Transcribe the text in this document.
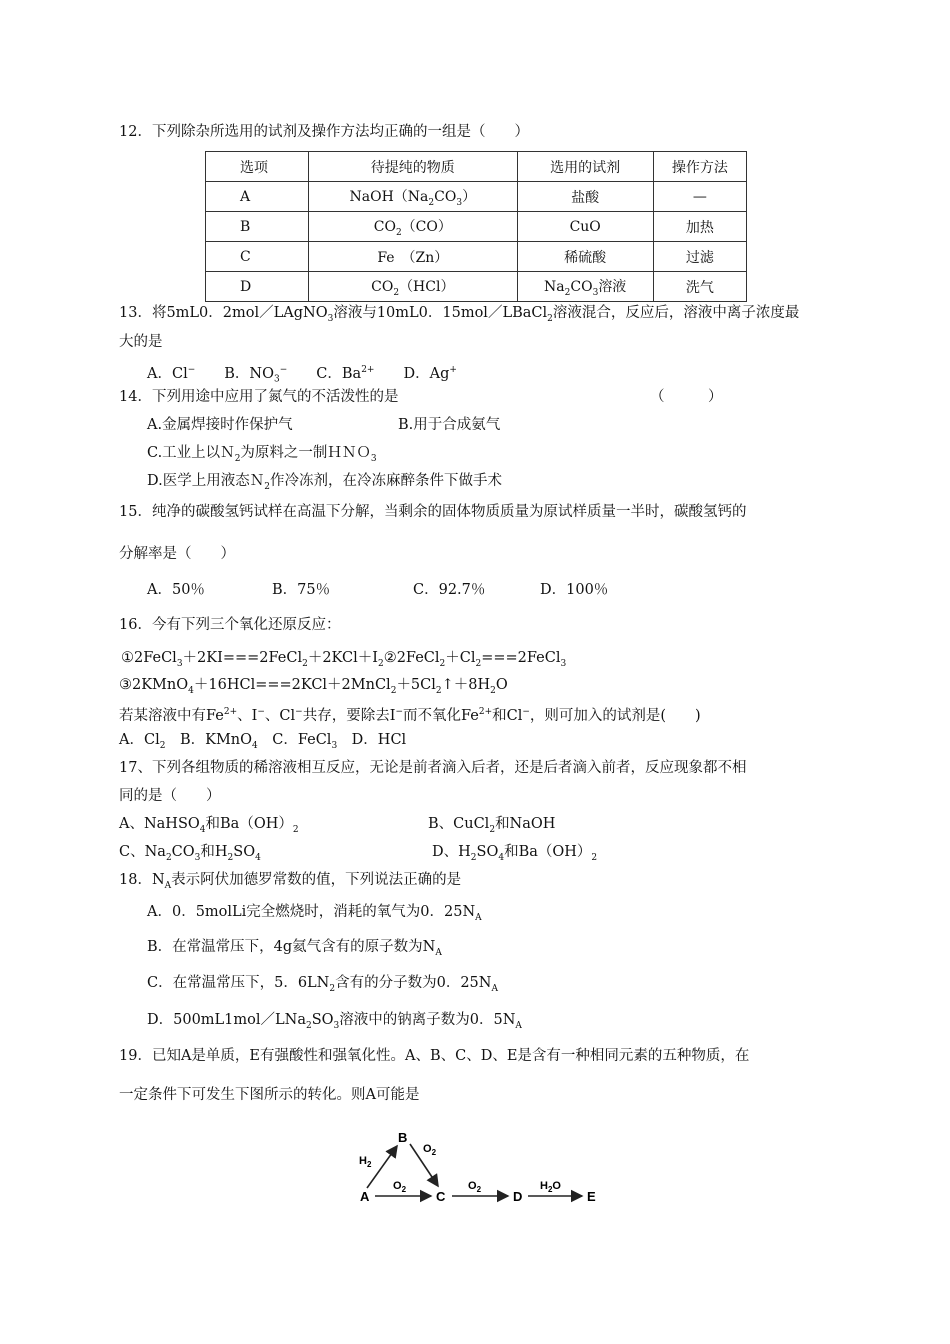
12．下列除杂所选用的试剂及操作方法均正确的一组是（　　）
选项	待提纯的物质	选用的试剂	操作方法
A	$NaOH(Na_2CO_3)$	盐酸	—
B	$CO_2(CO)$	CuO	加热
C	Fe　（Zn）	稀硫酸	过滤
D	$CO_2(HCl)$	$Na_2CO_3$溶液	洗气
13．将5mL0．2mol／LAgNO$_3$溶液与10mL0．15mol／LBaCl$_2$溶液混合，反应后，溶液中离子浓度最
大的是
A．Cl−　　B．$NO_3^-$　　C．$Ba^{2+}$　　D．Ag+
14．下列用途中应用了氮气的不活泼性的是	（　　　）
A.金属焊接时作保护气	B.用于合成氨气
C.工业上以Ｎ$_2$为原料之一制ＨＮＯ$_3$
D.医学上用液态Ｎ$_2$作冷冻剂，在冷冻麻醉条件下做手术
15．纯净的碳酸氢钙试样在高温下分解，当剩余的固体物质质量为原试样质量一半时，碳酸氢钙的
分解率是（　　）
A．50％	B．75％	C．92.7％	D．100％
16．今有下列三个氧化还原反应：
$①2FeCl_3+2KI===2FeCl_2+2KCl+I_2②2FeCl_2+Cl_2===2FeCl_3$
$③2KMnO_4+16HCl===2KCl+2MnCl_2+5Cl_2↑+8H_2O$
若某溶液中有$Fe^{2+}$、I−、Cl−共存，要除去I−而不氧化$Fe^{2+}$和Cl−，则可加入的试剂是(　　)
A．$Cl_2$　B．KMnO$_4$　C．FeCl$_3$　D．HCl
17、下列各组物质的稀溶液相互反应，无论是前者滴入后者，还是后者滴入前者，反应现象都不相
同的是（　　）
A、NaHSO$_4$和$Ba(OH)_2$	B、CuCl$_2$和NaOH
C、$Na_2CO_3$和$H_2SO_4$	D、$H_2SO_4$和$Ba(OH)_2$
18．$N_A$表示阿伏加德罗常数的值，下列说法正确的是
A．0．5molLi完全燃烧时，消耗的氧气为0．$25N_A$
B．在常温常压下，4g氦气含有的原子数为$N_A$
C．在常温常压下，5．$6LN_2$含有的分子数为0．$25N_A$
D．$500mL1mol/LNa_2SO_3$溶液中的钠离子数为0．$5N_A$
19．已知A是单质，E有强酸性和强氧化性。A、B、C、D、E是含有一种相同元素的五种物质，在
一定条件下可发生下图所示的转化。则A可能是
A
B
C	D	E
$H_2$
$O_2$
$O_2$	$O_2$	$H_2O$
